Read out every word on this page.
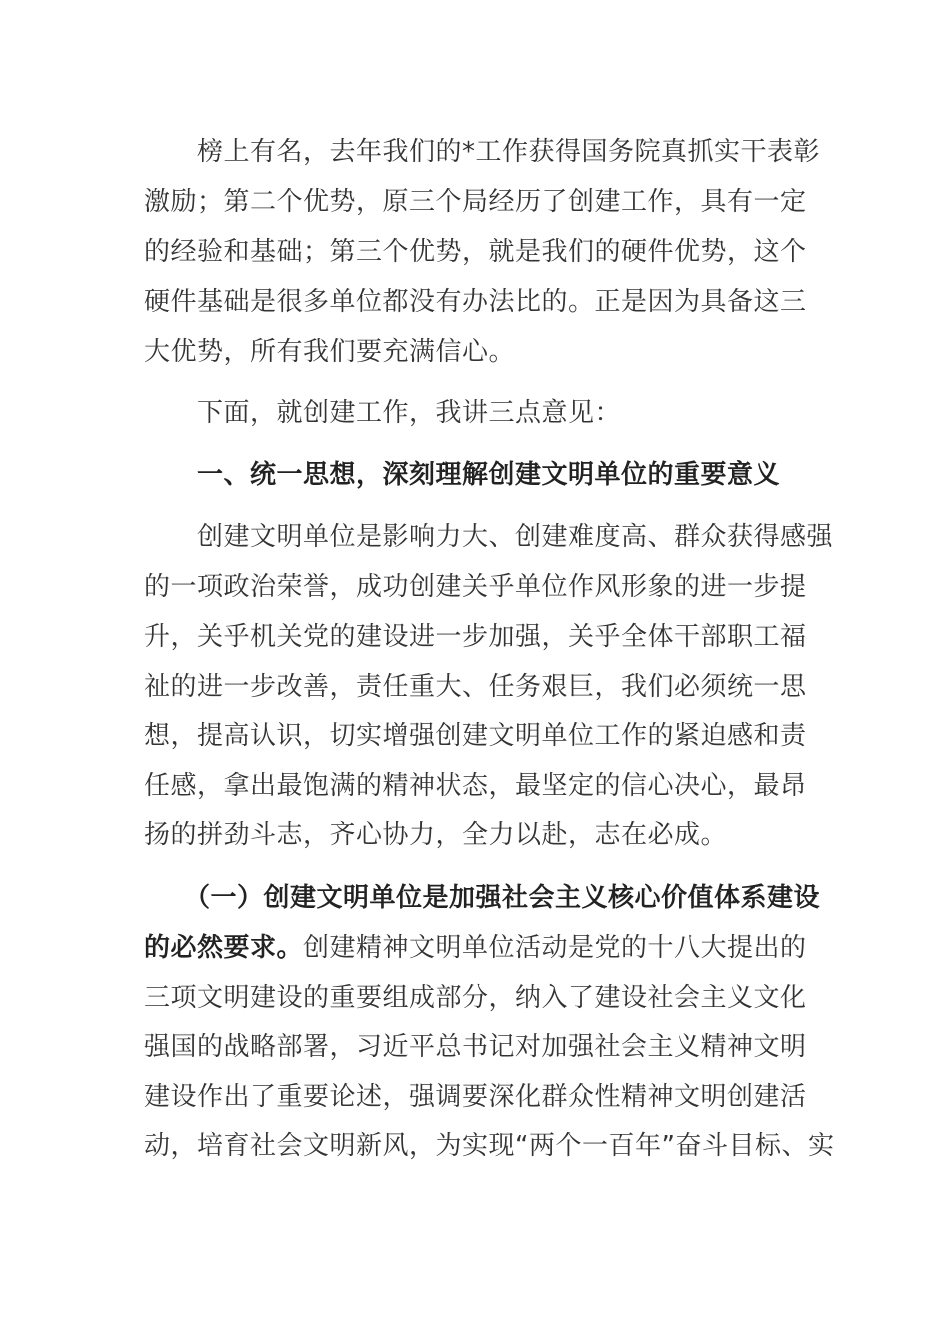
　　榜上有名，去年我们的*工作获得国务院真抓实干表彰
激励；第二个优势，原三个局经历了创建工作，具有一定
的经验和基础；第三个优势，就是我们的硬件优势，这个
硬件基础是很多单位都没有办法比的。正是因为具备这三
大优势，所有我们要充满信心。
　　下面，就创建工作，我讲三点意见：
　　一、统一思想，深刻理解创建文明单位的重要意义
　　创建文明单位是影响力大、创建难度高、群众获得感强
的一项政治荣誉，成功创建关乎单位作风形象的进一步提
升，关乎机关党的建设进一步加强，关乎全体干部职工福
祉的进一步改善，责任重大、任务艰巨，我们必须统一思
想，提高认识，切实增强创建文明单位工作的紧迫感和责
任感，拿出最饱满的精神状态，最坚定的信心决心，最昂
扬的拼劲斗志，齐心协力，全力以赴，志在必成。
　　（一）创建文明单位是加强社会主义核心价值体系建设
的必然要求。创建精神文明单位活动是党的十八大提出的
三项文明建设的重要组成部分，纳入了建设社会主义文化
强国的战略部署，习近平总书记对加强社会主义精神文明
建设作出了重要论述，强调要深化群众性精神文明创建活
动，培育社会文明新风，为实现“两个一百年”奋斗目标、实
